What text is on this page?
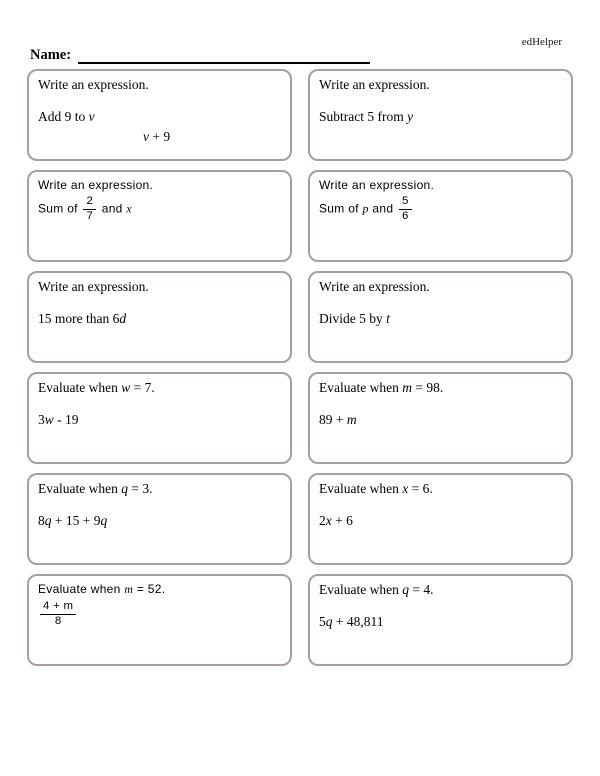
edHelper
Name:
Write an expression.
Add 9 to v
v + 9
Write an expression.
Subtract 5 from y
Write an expression.
Sum of $\frac{2}{7}$ and x
Write an expression.
Sum of p and $\frac{5}{6}$
Write an expression.
15 more than 6d
Write an expression.
Divide 5 by t
Evaluate when w = 7.
3w - 19
Evaluate when m = 98.
89 + m
Evaluate when q = 3.
8q + 15 + 9q
Evaluate when x = 6.
2x + 6
Evaluate when m = 52.
$\frac{4 + m}{8}$
Evaluate when q = 4.
5q + 48,811
